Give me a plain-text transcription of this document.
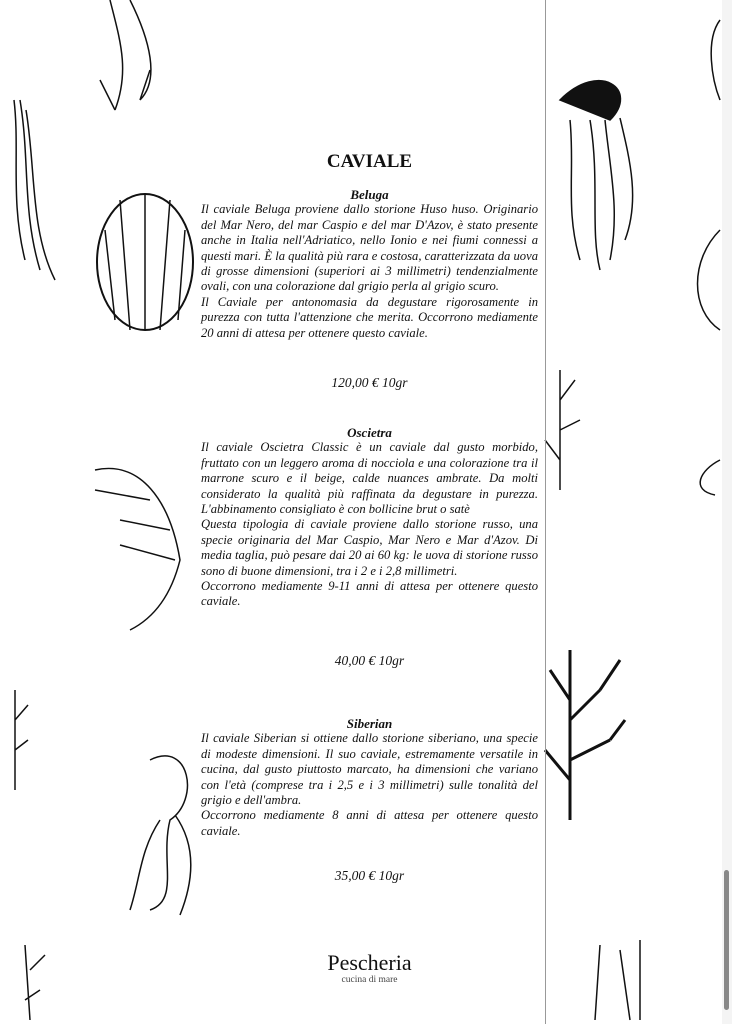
CAVIALE
Beluga

Il caviale Beluga proviene dallo storione Huso huso. Originario del Mar Nero, del mar Caspio e del mar D'Azov, è stato presente anche in Italia nell'Adriatico, nello Ionio e nei fiumi connessi a questi mari. È la qualità più rara e costosa, caratterizzata da uova di grosse dimensioni (superiori ai 3 millimetri) tendenzialmente ovali, con una colorazione dal grigio perla al grigio scuro.

Il Caviale per antonomasia da degustare rigorosamente in purezza con tutta l'attenzione che merita. Occorrono mediamente 20 anni di attesa per ottenere questo caviale.

120,00 € 10gr
Oscietra

Il caviale Oscietra Classic è un caviale dal gusto morbido, fruttato con un leggero aroma di nocciola e una colorazione tra il marrone scuro e il beige, calde nuances ambrate. Da molti considerato la qualità più raffinata da degustare in purezza. L'abbinamento consigliato è con bollicine brut o satè

Questa tipologia di caviale proviene dallo storione russo, una specie originaria del Mar Caspio, Mar Nero e Mar d'Azov. Di media taglia, può pesare dai 20 ai 60 kg: le uova di storione russo sono di buone dimensioni, tra i 2 e i 2,8 millimetri.

Occorrono mediamente 9-11 anni di attesa per ottenere questo caviale.

40,00 € 10gr
Siberian

Il caviale Siberian si ottiene dallo storione siberiano, una specie di modeste dimensioni. Il suo caviale, estremamente versatile in cucina, dal gusto piuttosto marcato, ha dimensioni che variano con l'età (comprese tra i 2,5 e i 3 millimetri) sulle tonalità del grigio e dell'ambra.

Occorrono mediamente 8 anni di attesa per ottenere questo caviale.

35,00 € 10gr
Pescheria
cucina di mare
